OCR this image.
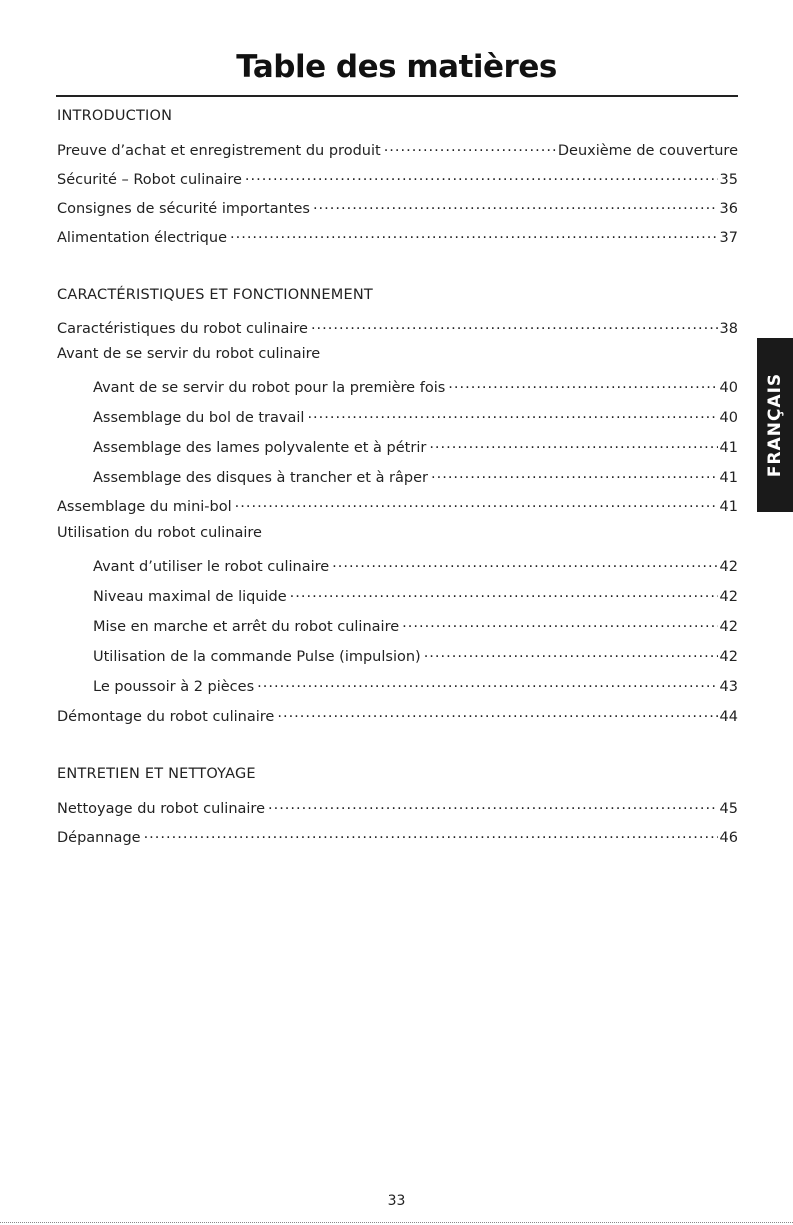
Table des matières
INTRODUCTION
Preuve d’achat et enregistrement du produit .....	Deuxième de couverture
Sécurité – Robot culinaire .....	35
Consignes de sécurité importantes .....	36
Alimentation électrique .....	37
CARACTÉRISTIQUES ET FONCTIONNEMENT
Caractéristiques du robot culinaire .....	38
Avant de se servir du robot culinaire
Avant de se servir du robot pour la première fois .....	40
Assemblage du bol de travail .....	40
Assemblage des lames polyvalente et à pétrir .....	41
Assemblage des disques à trancher et à râper .....	41
Assemblage du mini-bol .....	41
Utilisation du robot culinaire
Avant d’utiliser le robot culinaire .....	42
Niveau maximal de liquide .....	42
Mise en marche et arrêt du robot culinaire .....	42
Utilisation de la commande Pulse (impulsion) .....	42
Le poussoir à 2 pièces .....	43
Démontage du robot culinaire .....	44
ENTRETIEN ET NETTOYAGE
Nettoyage du robot culinaire .....	45
Dépannage .....	46
FRANÇAIS
33
